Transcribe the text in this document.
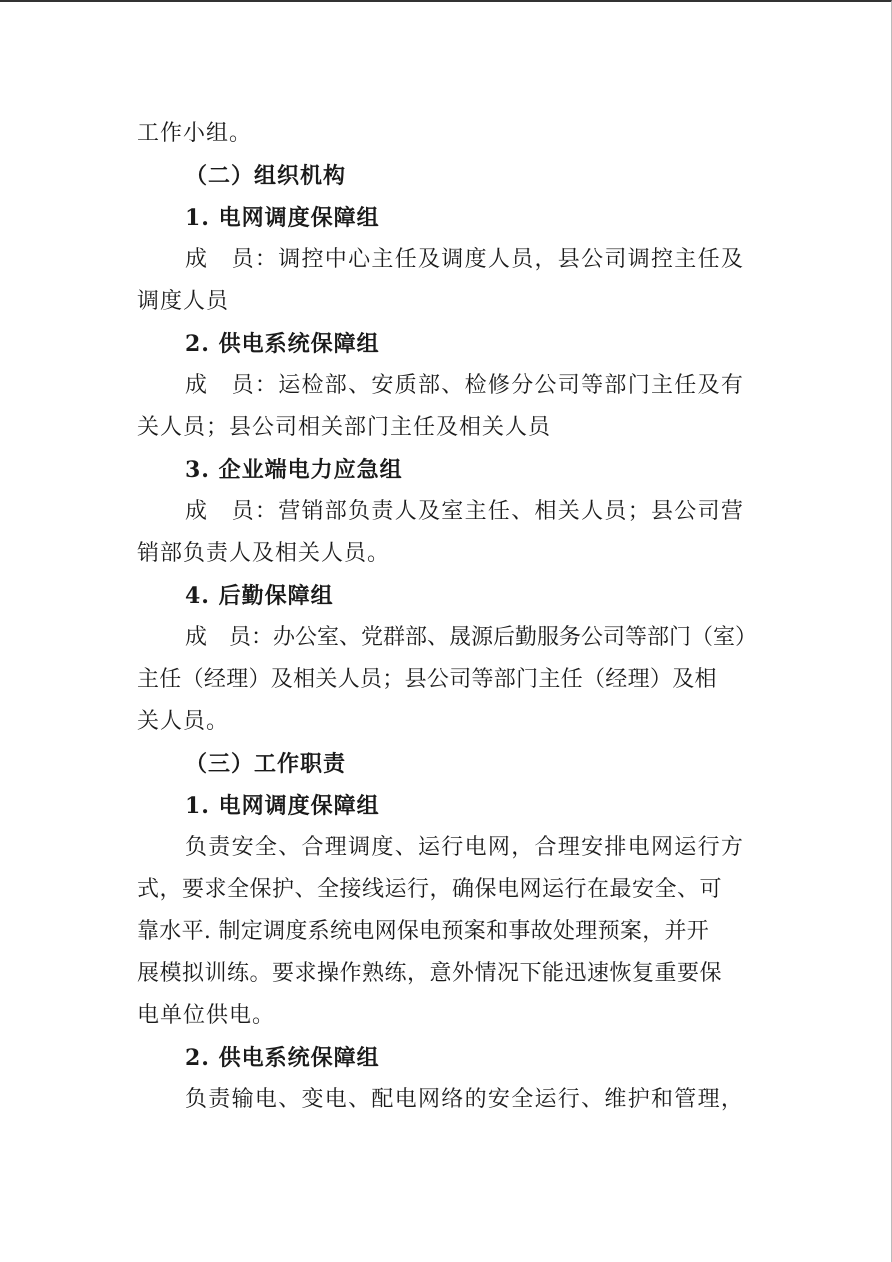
工作小组。
（二）组织机构
1. 电网调度保障组
成　员：调控中心主任及调度人员，县公司调控主任及
调度人员
2. 供电系统保障组
成　员：运检部、安质部、检修分公司等部门主任及有
关人员；县公司相关部门主任及相关人员
3. 企业端电力应急组
成　员：营销部负责人及室主任、相关人员；县公司营
销部负责人及相关人员。
4. 后勤保障组
成　员：办公室、党群部、晟源后勤服务公司等部门（室）
主任（经理）及相关人员；县公司等部门主任（经理）及相
关人员。
（三）工作职责
1. 电网调度保障组
负责安全、合理调度、运行电网，合理安排电网运行方
式，要求全保护、全接线运行，确保电网运行在最安全、可
靠水平. 制定调度系统电网保电预案和事故处理预案，并开
展模拟训练。要求操作熟练，意外情况下能迅速恢复重要保
电单位供电。
2. 供电系统保障组
负责输电、变电、配电网络的安全运行、维护和管理，
